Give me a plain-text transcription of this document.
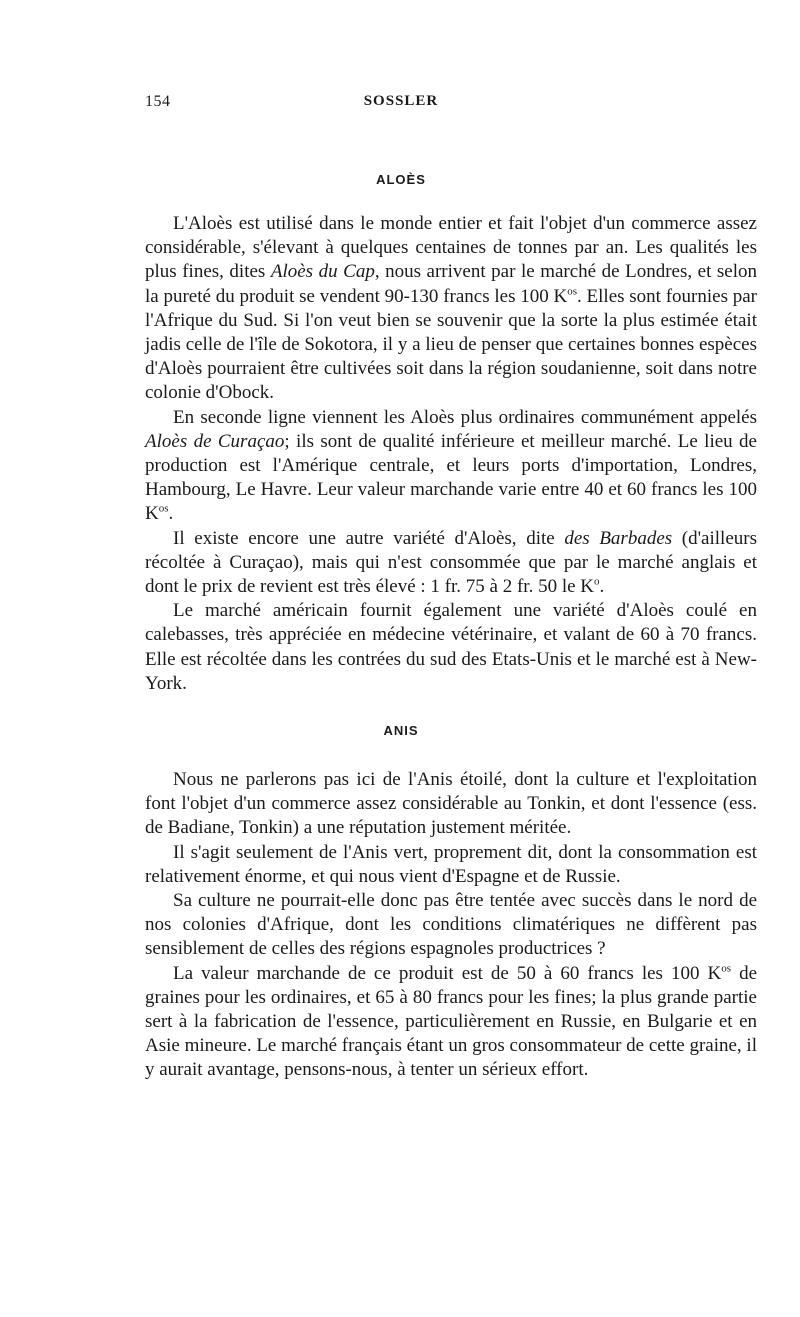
154	SOSSLER
ALOÈS

L'Aloès est utilisé dans le monde entier et fait l'objet d'un commerce assez considérable, s'élevant à quelques centaines de tonnes par an. Les qualités les plus fines, dites Aloès du Cap, nous arrivent par le marché de Londres, et selon la pureté du produit se vendent 90-130 francs les 100 $K^{os}$. Elles sont fournies par l'Afrique du Sud. Si l'on veut bien se souvenir que la sorte la plus estimée était jadis celle de l'île de Sokotora, il y a lieu de penser que certaines bonnes espèces d'Aloès pourraient être cultivées soit dans la région soudanienne, soit dans notre colonie d'Obock.

En seconde ligne viennent les Aloès plus ordinaires communément appelés Aloès de Curaçao; ils sont de qualité inférieure et meilleur marché. Le lieu de production est l'Amérique centrale, et leurs ports d'importation, Londres, Hambourg, Le Havre. Leur valeur marchande varie entre 40 et 60 francs les 100 $K^{os}$.

Il existe encore une autre variété d'Aloès, dite des Barbades (d'ailleurs récoltée à Curaçao), mais qui n'est consommée que par le marché anglais et dont le prix de revient est très élevé : 1 fr. 75 à 2 fr. 50 le $K^o$.

Le marché américain fournit également une variété d'Aloès coulé en calebasses, très appréciée en médecine vétérinaire, et valant de 60 à 70 francs. Elle est récoltée dans les contrées du sud des Etats-Unis et le marché est à New-York.

ANIS

Nous ne parlerons pas ici de l'Anis étoilé, dont la culture et l'exploitation font l'objet d'un commerce assez considérable au Tonkin, et dont l'essence (ess. de Badiane, Tonkin) a une réputation justement méritée.

Il s'agit seulement de l'Anis vert, proprement dit, dont la consommation est relativement énorme, et qui nous vient d'Espagne et de Russie.

Sa culture ne pourrait-elle donc pas être tentée avec succès dans le nord de nos colonies d'Afrique, dont les conditions climatériques ne diffèrent pas sensiblement de celles des régions espagnoles productrices ?

La valeur marchande de ce produit est de 50 à 60 francs les 100 $K^{os}$ de graines pour les ordinaires, et 65 à 80 francs pour les fines; la plus grande partie sert à la fabrication de l'essence, particulièrement en Russie, en Bulgarie et en Asie mineure. Le marché français étant un gros consommateur de cette graine, il y aurait avantage, pensons-nous, à tenter un sérieux effort.
